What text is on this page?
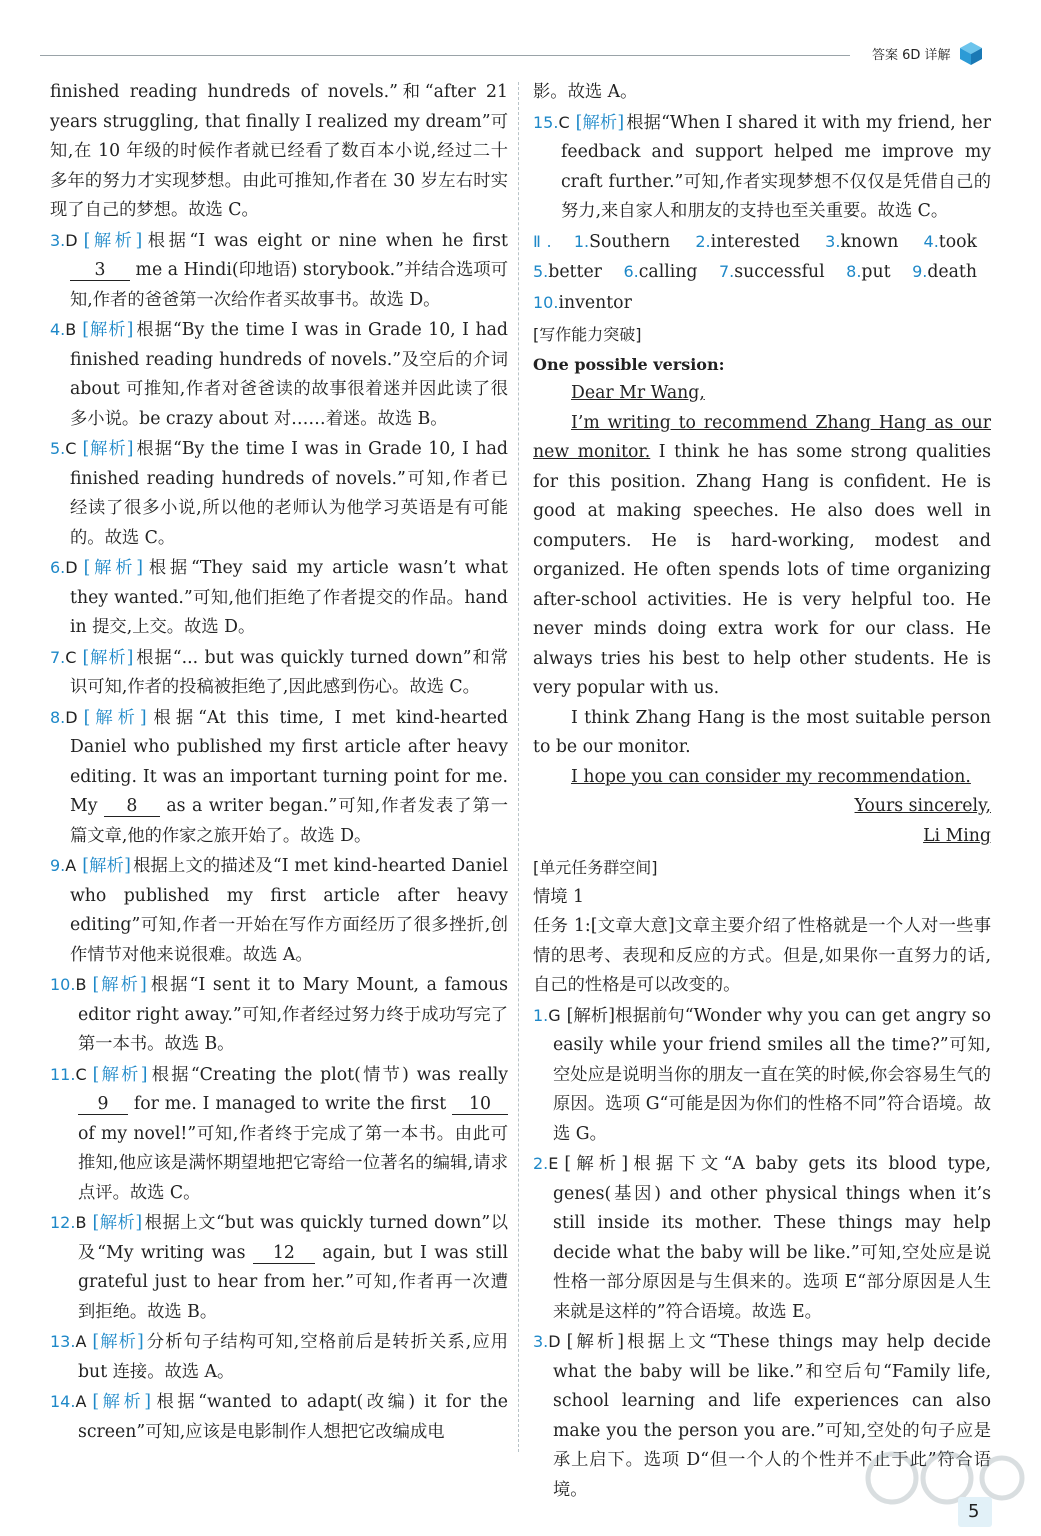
答案 6D 详解

finished reading hundreds of novels.”和“after 21 years struggling, that finally I realized my dream”可知,在 10 年级的时候作者就已经看了数百本小说,经过二十多年的努力才实现梦想。由此可推知,作者在 30 岁左右时实现了自己的梦想。故选 C。

3.D [解析] 根据“I was eight or nine when he first 3 me a Hindi(印地语) storybook.”并结合选项可知,作者的爸爸第一次给作者买故事书。故选 D。

4.B [解析] 根据“By the time I was in Grade 10, I had finished reading hundreds of novels.”及空后的介词 about 可推知,作者对爸爸读的故事很着迷并因此读了很多小说。be crazy about 对……着迷。故选 B。

5.C [解析] 根据“By the time I was in Grade 10, I had finished reading hundreds of novels.”可知,作者已经读了很多小说,所以他的老师认为他学习英语是有可能的。故选 C。

6.D [解析] 根据“They said my article wasn’t what they wanted.”可知,他们拒绝了作者提交的作品。hand in 提交,上交。故选 D。

7.C [解析] 根据“... but was quickly turned down”和常识可知,作者的投稿被拒绝了,因此感到伤心。故选 C。

8.D [解析] 根据“At this time, I met kind-hearted Daniel who published my first article after heavy editing. It was an important turning point for me. My 8 as a writer began.”可知,作者发表了第一篇文章,他的作家之旅开始了。故选 D。

9.A [解析] 根据上文的描述及“I met kind-hearted Daniel who published my first article after heavy editing”可知,作者一开始在写作方面经历了很多挫折,创作情节对他来说很难。故选 A。

10.B [解析] 根据“I sent it to Mary Mount, a famous editor right away.”可知,作者经过努力终于成功写完了第一本书。故选 B。

11.C [解析] 根据“Creating the plot(情节) was really 9 for me. I managed to write the first 10 of my novel!”可知,作者终于完成了第一本书。由此可推知,他应该是满怀期望地把它寄给一位著名的编辑,请求点评。故选 C。

12.B [解析] 根据上文“but was quickly turned down”以及“My writing was 12 again, but I was still grateful just to hear from her.”可知,作者再一次遭到拒绝。故选 B。

13.A [解析] 分析句子结构可知,空格前后是转折关系,应用 but 连接。故选 A。

14.A [解析] 根据“wanted to adapt(改编) it for the screen”可知,应该是电影制作人想把它改编成电

影。故选 A。

15.C [解析] 根据“When I shared it with my friend, her feedback and support helped me improve my craft further.”可知,作者实现梦想不仅仅是凭借自己的努力,来自家人和朋友的支持也至关重要。故选 C。

Ⅱ. 1.Southern 2.interested 3.known 4.took 5.better 6.calling 7.successful 8.put 9.death 10.inventor

[写作能力突破]

One possible version:

Dear Mr Wang,

I’m writing to recommend Zhang Hang as our new monitor. I think he has some strong qualities for this position. Zhang Hang is confident. He is good at making speeches. He also does well in computers. He is hard-working, modest and organized. He often spends lots of time organizing after-school activities. He is very helpful too. He never minds doing extra work for our class. He always tries his best to help other students. He is very popular with us.

I think Zhang Hang is the most suitable person to be our monitor.

I hope you can consider my recommendation.

Yours sincerely,

Li Ming

[单元任务群空间]

情境 1

任务 1:[文章大意]文章主要介绍了性格就是一个人对一些事情的思考、表现和反应的方式。但是,如果你一直努力的话,自己的性格是可以改变的。

1.G [解析]根据前句“Wonder why you can get angry so easily while your friend smiles all the time?”可知,空处应是说明当你的朋友一直在笑的时候,你会容易生气的原因。选项 G“可能是因为你们的性格不同”符合语境。故选 G。

2.E [解析]根据下文“A baby gets its blood type, genes(基因) and other physical things when it’s still inside its mother. These things may help decide what the baby will be like.”可知,空处应是说性格一部分原因是与生俱来的。选项 E“部分原因是人生来就是这样的”符合语境。故选 E。

3.D [解析]根据上文“These things may help decide what the baby will be like.”和空后句“Family life, school learning and life experiences can also make you the person you are.”可知,空处的句子应是承上启下。选项 D“但一个人的个性并不止于此”符合语境。

5
